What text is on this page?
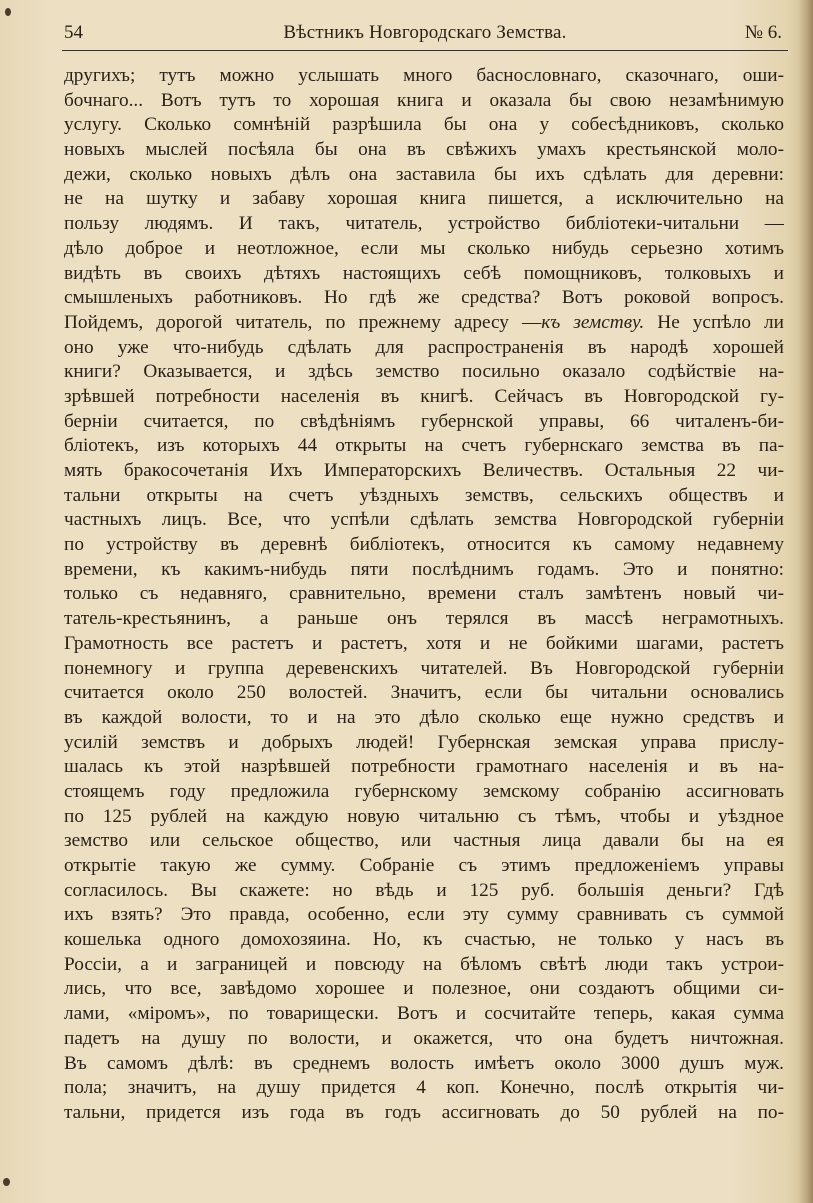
54	Вѣстникъ Новгородскаго Земства.	№ 6.
другихъ; тутъ можно услышать много баснословнаго, сказочнаго, оши-
бочнаго... Вотъ тутъ то хорошая книга и оказала бы свою незамѣнимую
услугу. Сколько сомнѣній разрѣшила бы она у собесѣдниковъ, сколько
новыхъ мыслей посѣяла бы она въ свѣжихъ умахъ крестьянской моло-
дежи, сколько новыхъ дѣлъ она заставила бы ихъ сдѣлать для деревни:
не на шутку и забаву хорошая книга пишется, а исключительно на
пользу людямъ. И такъ, читатель, устройство библіотеки-читальни —
дѣло доброе и неотложное, если мы сколько нибудь серьезно хотимъ
видѣть въ своихъ дѣтяхъ настоящихъ себѣ помощниковъ, толковыхъ и
смышленыхъ работниковъ. Но гдѣ же средства? Вотъ роковой вопросъ.
Пойдемъ, дорогой читатель, по прежнему адресу —къ земству. Не успѣло ли
оно уже что-нибудь сдѣлать для распространенія въ народѣ хорошей
книги? Оказывается, и здѣсь земство посильно оказало содѣйствіе на-
зрѣвшей потребности населенія въ книгѣ. Сейчасъ въ Новгородской гу-
берніи считается, по свѣдѣніямъ губернской управы, 66 читаленъ-би-
бліотекъ, изъ которыхъ 44 открыты на счетъ губернскаго земства въ па-
мять бракосочетанія Ихъ Императорскихъ Величествъ. Остальныя 22 чи-
тальни открыты на счетъ уѣздныхъ земствъ, сельскихъ обществъ и
частныхъ лицъ. Все, что успѣли сдѣлать земства Новгородской губерніи
по устройству въ деревнѣ библіотекъ, относится къ самому недавнему
времени, къ какимъ-нибудь пяти послѣднимъ годамъ. Это и понятно:
только съ недавняго, сравнительно, времени сталъ замѣтенъ новый чи-
татель-крестьянинъ, а раньше онъ терялся въ массѣ неграмотныхъ.
Грамотность все растетъ и растетъ, хотя и не бойкими шагами, растетъ
понемногу и группа деревенскихъ читателей. Въ Новгородской губерніи
считается около 250 волостей. Значитъ, если бы читальни основались
въ каждой волости, то и на это дѣло сколько еще нужно средствъ и
усилій земствъ и добрыхъ людей! Губернская земская управа прислу-
шалась къ этой назрѣвшей потребности грамотнаго населенія и въ на-
стоящемъ году предложила губернскому земскому собранію ассигновать
по 125 рублей на каждую новую читальню съ тѣмъ, чтобы и уѣздное
земство или сельское общество, или частныя лица давали бы на ея
открытіе такую же сумму. Собраніе съ этимъ предложеніемъ управы
согласилось. Вы скажете: но вѣдь и 125 руб. большія деньги? Гдѣ
ихъ взять? Это правда, особенно, если эту сумму сравнивать съ суммой
кошелька одного домохозяина. Но, къ счастью, не только у насъ въ
Россіи, а и заграницей и повсюду на бѣломъ свѣтѣ люди такъ устрои-
лись, что все, завѣдомо хорошее и полезное, они создаютъ общими си-
лами, «міромъ», по товарищески. Вотъ и сосчитайте теперь, какая сумма
падетъ на душу по волости, и окажется, что она будетъ ничтожная.
Въ самомъ дѣлѣ: въ среднемъ волость имѣетъ около 3000 душъ муж.
пола; значитъ, на душу придется 4 коп. Конечно, послѣ открытія чи-
тальни, придется изъ года въ годъ ассигновать до 50 рублей на по-
